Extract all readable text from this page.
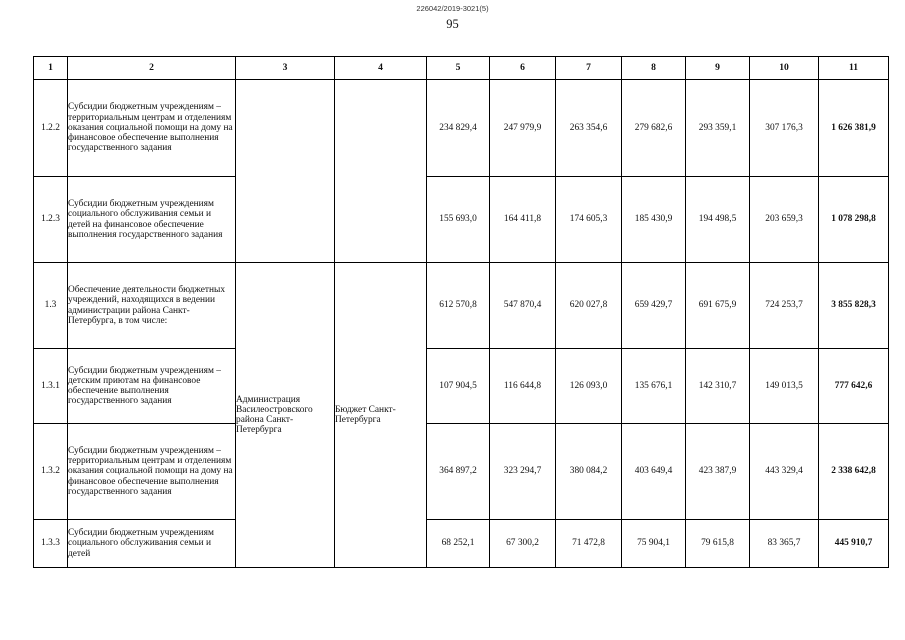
226042/2019-3021(5)
95
1	2	3	4	5	6	7	8	9	10	11
1.2.2	Субсидии бюджетным учреждениям – территориальным центрам и отделениям оказания социальной помощи на дому на финансовое обеспечение выполнения государственного задания			234 829,4	247 979,9	263 354,6	279 682,6	293 359,1	307 176,3	1 626 381,9
1.2.3	Субсидии бюджетным учреждениям социального обслуживания семьи и детей на финансовое обеспечение выполнения государственного задания			155 693,0	164 411,8	174 605,3	185 430,9	194 498,5	203 659,3	1 078 298,8
1.3	Обеспечение деятельности бюджетных учреждений, находящихся в ведении администрации района Санкт-Петербурга, в том числе:	Администрация Василеостровского района Санкт-Петербурга	Бюджет Санкт-Петербурга	612 570,8	547 870,4	620 027,8	659 429,7	691 675,9	724 253,7	3 855 828,3
1.3.1	Субсидии бюджетным учреждениям – детским приютам на финансовое обеспечение выполнения государственного задания			107 904,5	116 644,8	126 093,0	135 676,1	142 310,7	149 013,5	777 642,6
1.3.2	Субсидии бюджетным учреждениям – территориальным центрам и отделениям оказания социальной помощи на дому на финансовое обеспечение выполнения государственного задания			364 897,2	323 294,7	380 084,2	403 649,4	423 387,9	443 329,4	2 338 642,8
1.3.3	Субсидии бюджетным учреждениям социального обслуживания семьи и детей			68 252,1	67 300,2	71 472,8	75 904,1	79 615,8	83 365,7	445 910,7
